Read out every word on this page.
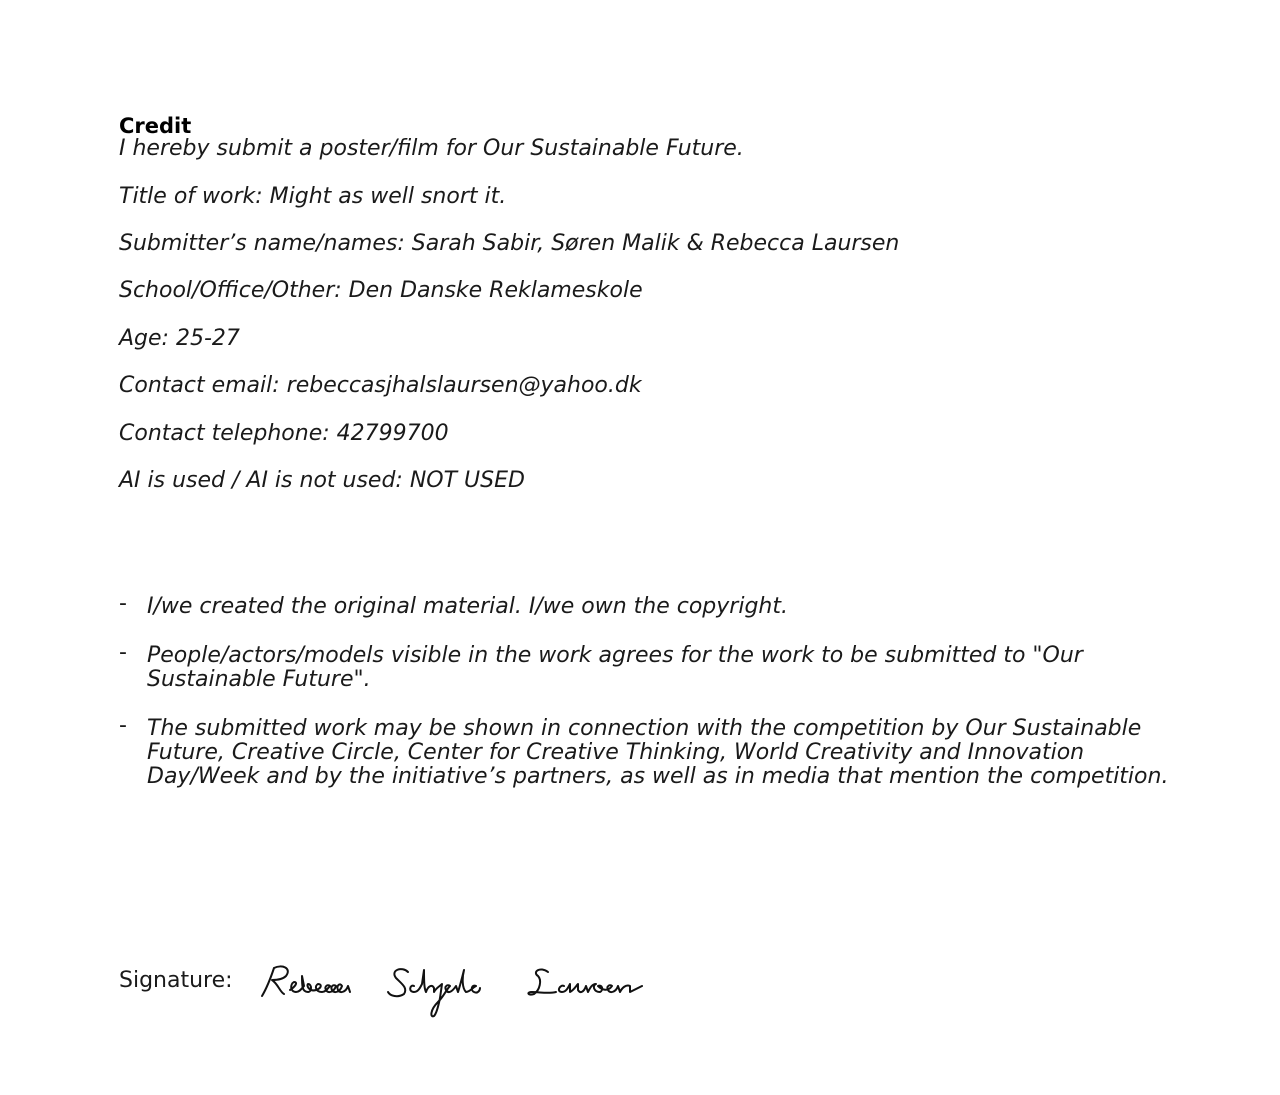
Credit
I hereby submit a poster/film for Our Sustainable Future.
Title of work: Might as well snort it.
Submitter’s name/names: Sarah Sabir, Søren Malik & Rebecca Laursen
School/Office/Other: Den Danske Reklameskole
Age: 25-27
Contact email: rebeccasjhalslaursen@yahoo.dk
Contact telephone: 42799700
AI is used / AI is not used: NOT USED
- I/we created the original material. I/we own the copyright.
- People/actors/models visible in the work agrees for the work to be submitted to "Our Sustainable Future".
- The submitted work may be shown in connection with the competition by Our Sustainable Future, Creative Circle, Center for Creative Thinking, World Creativity and Innovation Day/Week and by the initiative’s partners, as well as in media that mention the competition.
Signature:
